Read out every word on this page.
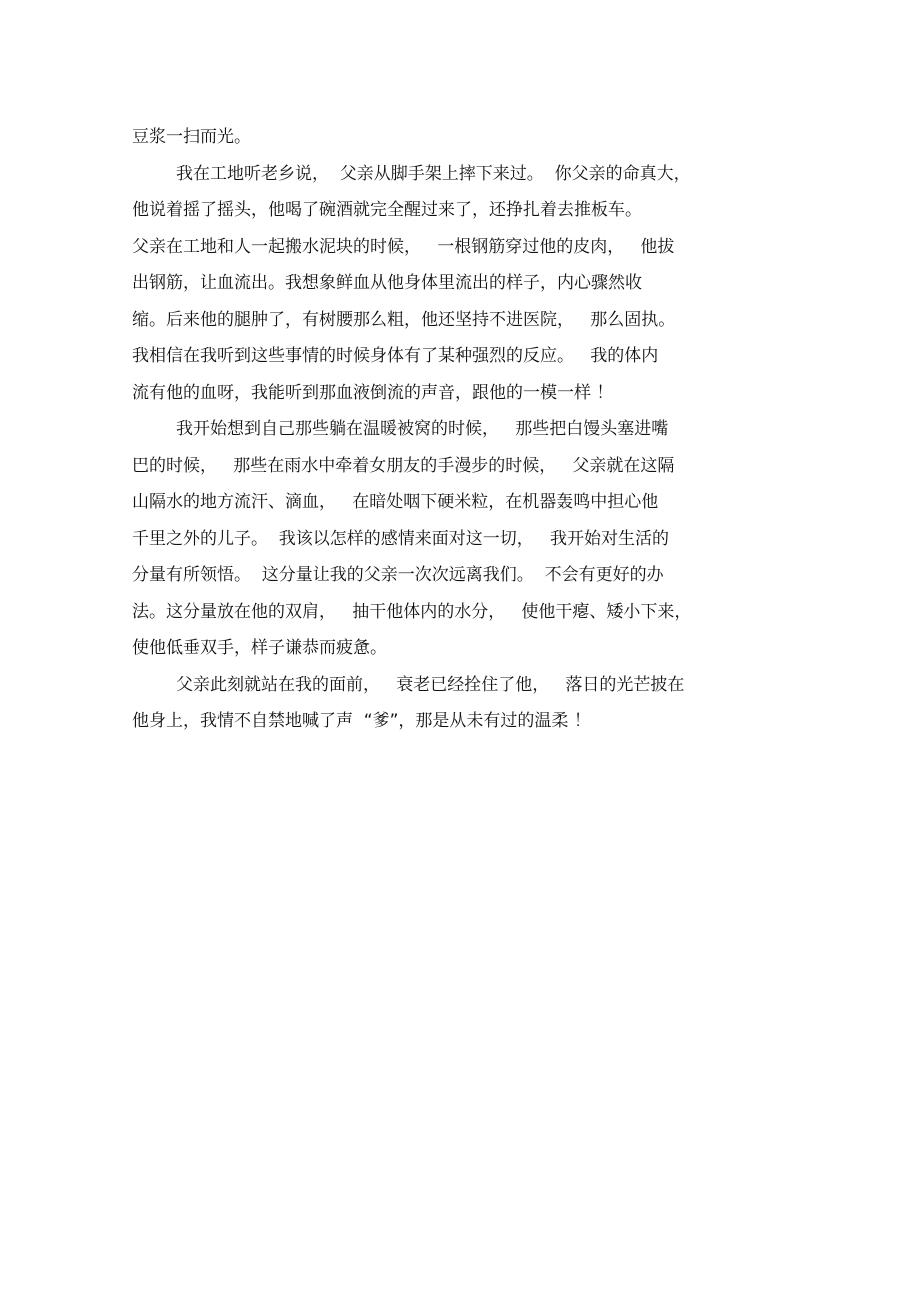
豆浆一扫而光。
我在工地听老乡说，  父亲从脚手架上摔下来过。  你父亲的命真大，
他说着摇了摇头，他喝了碗酒就完全醒过来了，还挣扎着去推板车。
父亲在工地和人一起搬水泥块的时候，   一根钢筋穿过他的皮肉，   他拔
出钢筋，让血流出。我想象鲜血从他身体里流出的样子，内心骤然收
缩。后来他的腿肿了，有树腰那么粗，他还坚持不进医院，   那么固执。
我相信在我听到这些事情的时候身体有了某种强烈的反应。   我的体内
流有他的血呀，我能听到那血液倒流的声音，跟他的一模一样 ！
我开始想到自己那些躺在温暖被窝的时候，   那些把白馒头塞进嘴
巴的时候，   那些在雨水中牵着女朋友的手漫步的时候，   父亲就在这隔
山隔水的地方流汗、滴血，   在暗处咽下硬米粒，在机器轰鸣中担心他
千里之外的儿子。  我该以怎样的感情来面对这一切，   我开始对生活的
分量有所领悟。  这分量让我的父亲一次次远离我们。  不会有更好的办
法。这分量放在他的双肩，   抽干他体内的水分，   使他干瘪、矮小下来，
使他低垂双手，样子谦恭而疲惫。
父亲此刻就站在我的面前，   衰老已经拴住了他，   落日的光芒披在
他身上，我情不自禁地喊了声  “爹”，那是从未有过的温柔 ！
